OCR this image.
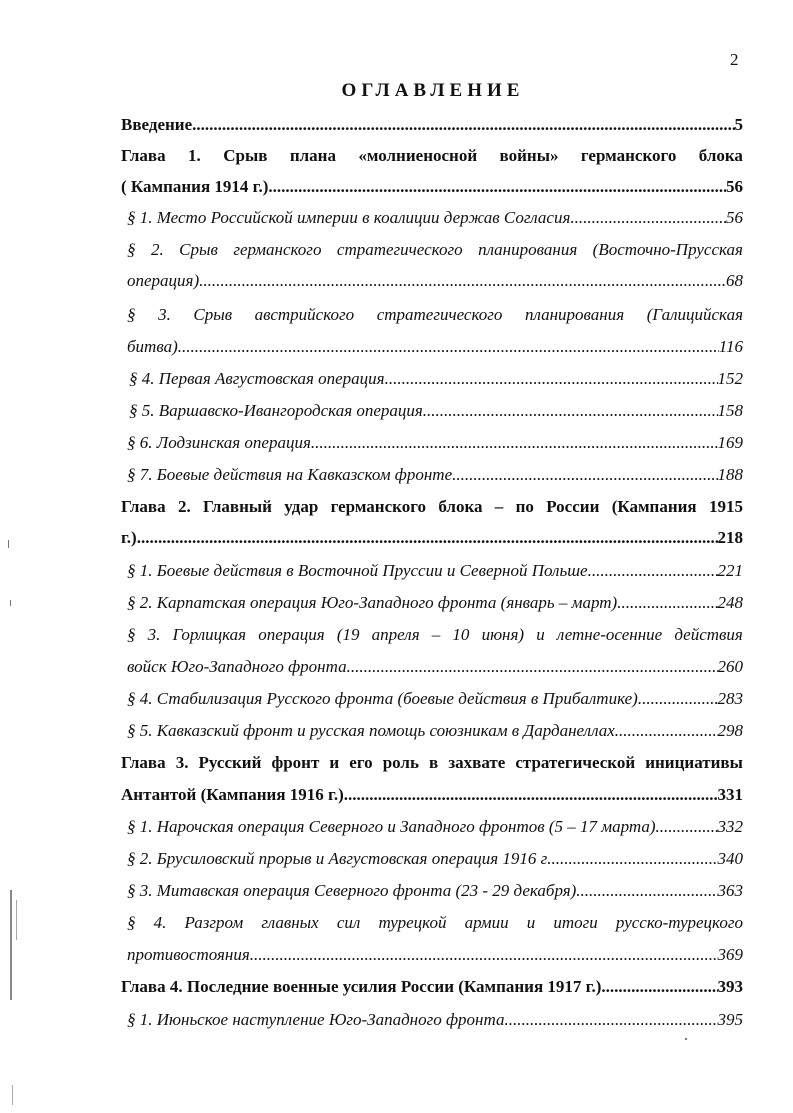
2
ОГЛАВЛЕНИЕ
Введение .....	5
Глава 1. Срыв плана «молниеносной войны» германского блока
( Кампания 1914 г.) .....	56
§ 1. Место Российской империи в коалиции держав Согласия .....	56
§ 2. Срыв германского стратегического планирования (Восточно-Прусская
операция) .....	68
§ 3. Срыв австрийского стратегического планирования (Галицийская
битва) .....	116
§ 4. Первая Августовская операция .....	152
§ 5. Варшавско-Ивангородская операция .....	158
§ 6. Лодзинская операция .....	169
§ 7. Боевые действия на Кавказском фронте .....	188
Глава 2. Главный удар германского блока – по России (Кампания 1915
г.) .....	218
§ 1. Боевые действия в Восточной Пруссии и Северной Польше .....	221
§ 2. Карпатская операция Юго-Западного фронта (январь – март) .....	248
§ 3. Горлицкая операция (19 апреля – 10 июня) и летне-осенние действия
войск Юго-Западного фронта .....	260
§ 4. Стабилизация Русского фронта (боевые действия в Прибалтике) .....	283
§ 5. Кавказский фронт и русская помощь союзникам в Дарданеллах .....	298
Глава 3. Русский фронт и его роль в захвате стратегической инициативы
Антантой (Кампания 1916 г.) .....	331
§ 1. Нарочская операция Северного и Западного фронтов (5 – 17 марта) .....	332
§ 2. Брусиловский прорыв и Августовская операция 1916 г .....	340
§ 3. Митавская операция Северного фронта (23 - 29 декабря) .....	363
§ 4. Разгром главных сил турецкой армии и итоги русско-турецкого
противостояния .....	369
Глава 4. Последние военные усилия России (Кампания 1917 г.) .....	393
§ 1. Июньское наступление Юго-Западного фронта .....	395
